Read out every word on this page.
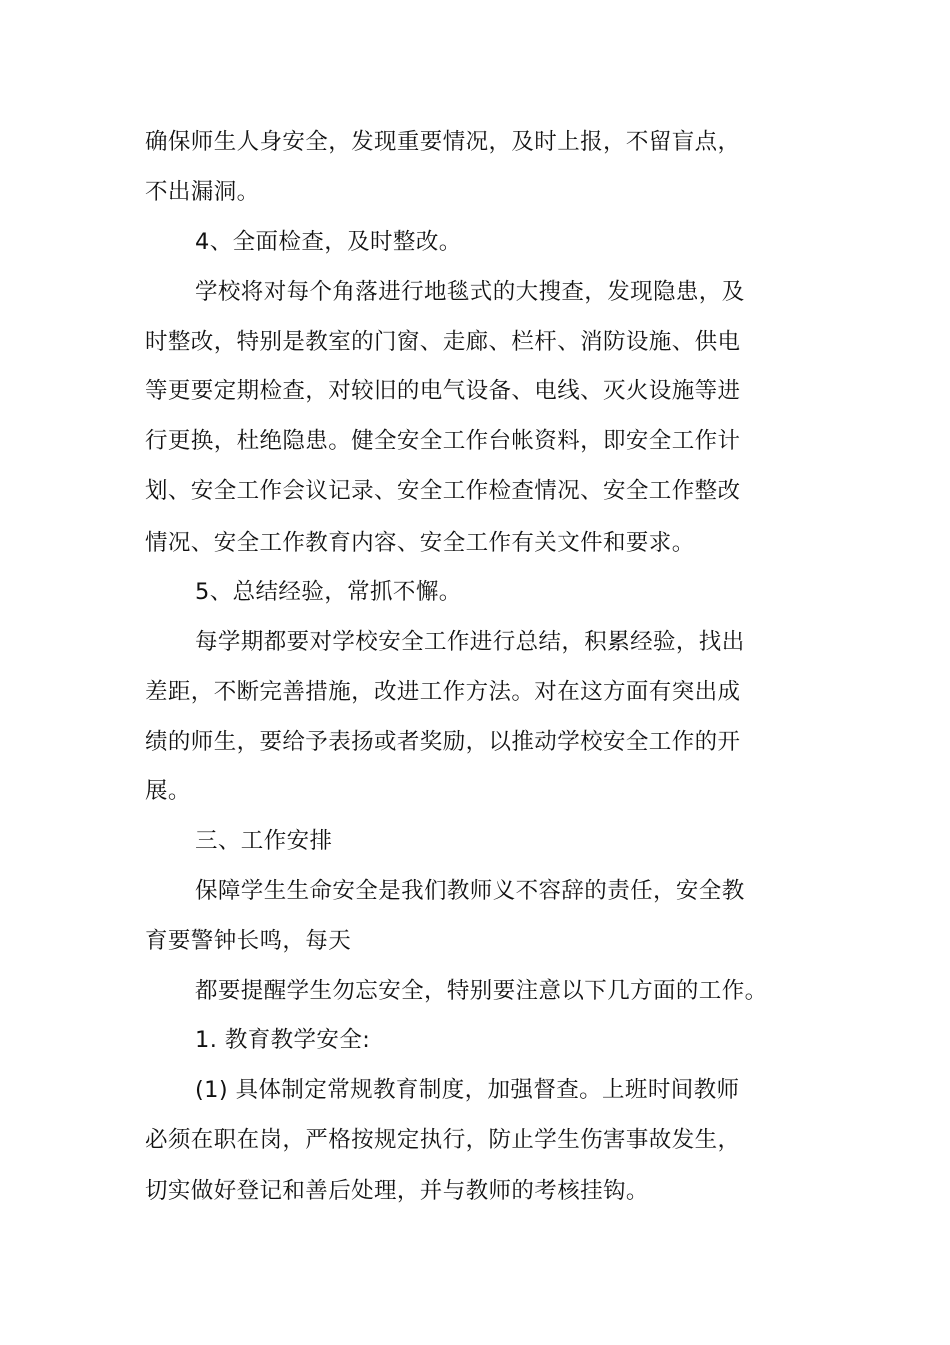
确保师生人身安全，发现重要情况，及时上报，不留盲点，
不出漏洞。
4、全面检查，及时整改。
学校将对每个角落进行地毯式的大搜查，发现隐患，及
时整改，特别是教室的门窗、走廊、栏杆、消防设施、供电
等更要定期检查，对较旧的电气设备、电线、灭火设施等进
行更换，杜绝隐患。健全安全工作台帐资料，即安全工作计
划、安全工作会议记录、安全工作检查情况、安全工作整改
情况、安全工作教育内容、安全工作有关文件和要求。
5、总结经验，常抓不懈。
每学期都要对学校安全工作进行总结，积累经验，找出
差距，不断完善措施，改进工作方法。对在这方面有突出成
绩的师生，要给予表扬或者奖励，以推动学校安全工作的开
展。
三、工作安排
保障学生生命安全是我们教师义不容辞的责任，安全教
育要警钟长鸣，每天
都要提醒学生勿忘安全，特别要注意以下几方面的工作。
1. 教育教学安全:
(1) 具体制定常规教育制度，加强督查。上班时间教师
必须在职在岗，严格按规定执行，防止学生伤害事故发生，
切实做好登记和善后处理，并与教师的考核挂钩。
